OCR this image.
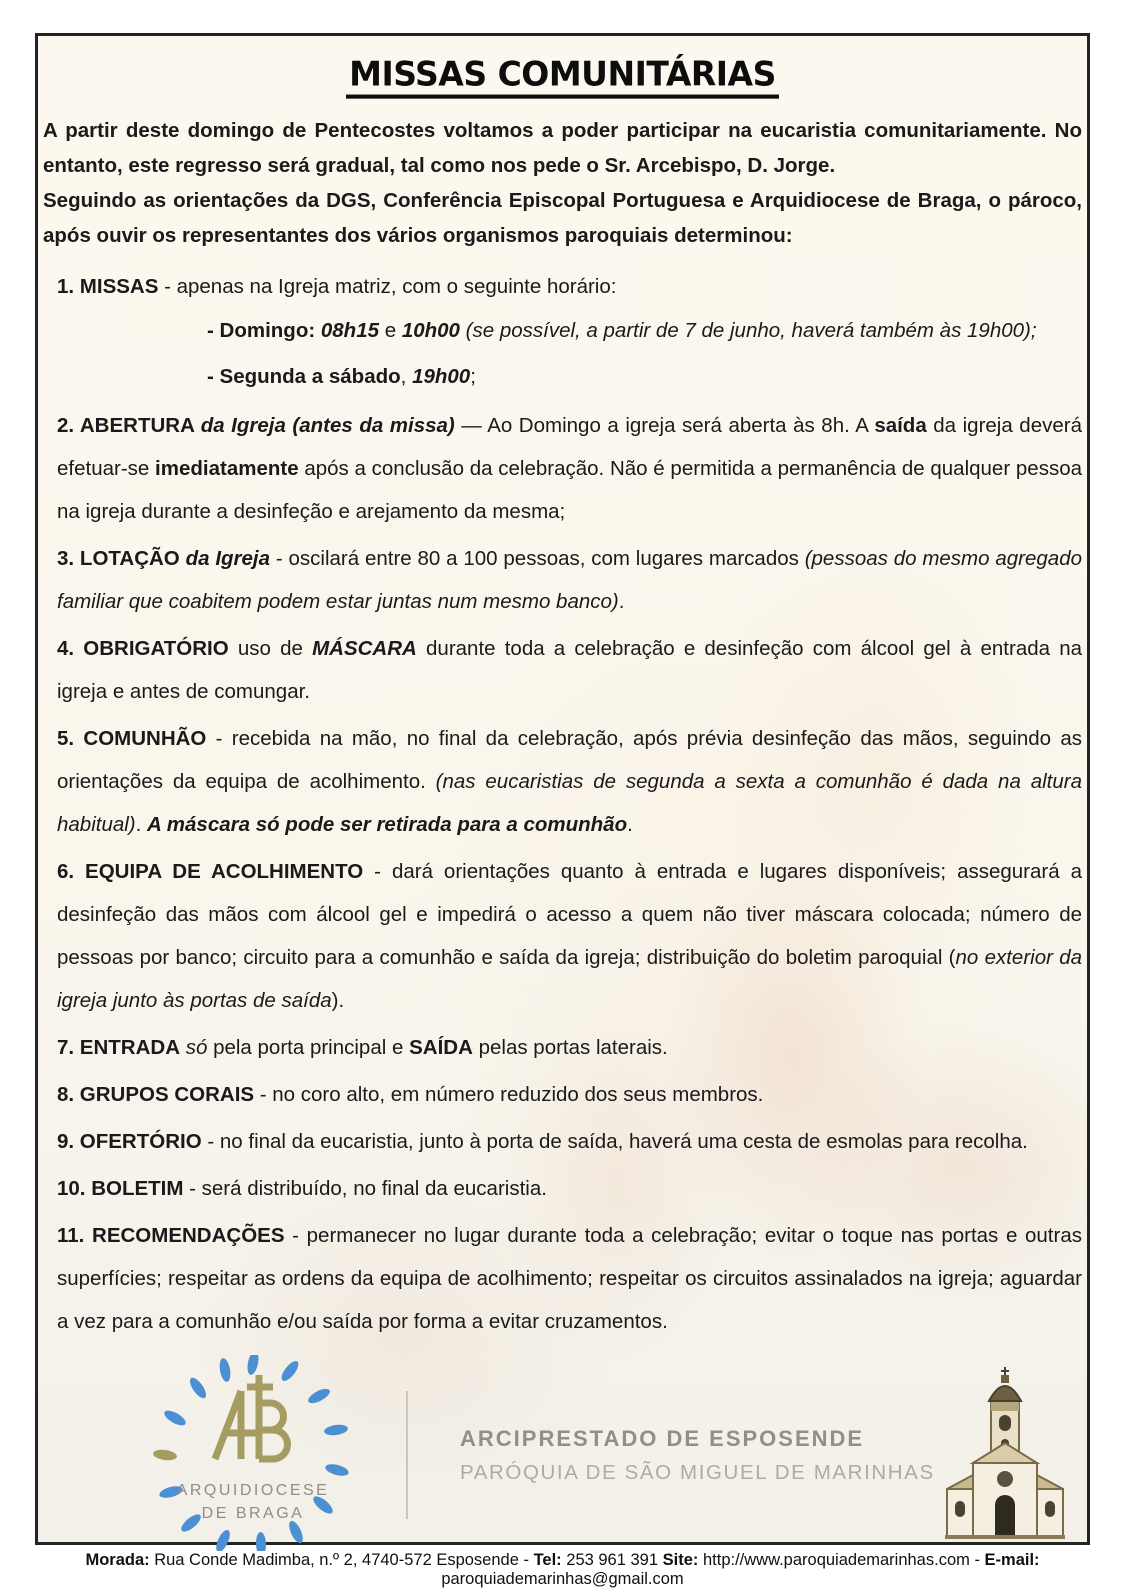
MISSAS COMUNITÁRIAS

A partir deste domingo de Pentecostes voltamos a poder participar na eucaristia comunitariamente. No entanto, este regresso será gradual, tal como nos pede o Sr. Arcebispo, D. Jorge.

Seguindo as orientações da DGS, Conferência Episcopal Portuguesa e Arquidiocese de Braga, o pároco, após ouvir os representantes dos vários organismos paroquiais determinou:

1. MISSAS - apenas na Igreja matriz, com o seguinte horário:

- Domingo: 08h15 e 10h00 (se possível, a partir de 7 de junho, haverá também às 19h00);

- Segunda a sábado, 19h00;

2. ABERTURA da Igreja (antes da missa) — Ao Domingo a igreja será aberta às 8h. A saída da igreja deverá efetuar-se imediatamente após a conclusão da celebração. Não é permitida a permanência de qualquer pessoa na igreja durante a desinfeção e arejamento da mesma;

3. LOTAÇÃO da Igreja - oscilará entre 80 a 100 pessoas, com lugares marcados (pessoas do mesmo agregado familiar que coabitem podem estar juntas num mesmo banco).

4. OBRIGATÓRIO uso de MÁSCARA durante toda a celebração e desinfeção com álcool gel à entrada na igreja e antes de comungar.

5. COMUNHÃO - recebida na mão, no final da celebração, após prévia desinfeção das mãos, seguindo as orientações da equipa de acolhimento. (nas eucaristias de segunda a sexta a comunhão é dada na altura habitual). A máscara só pode ser retirada para a comunhão.

6. EQUIPA DE ACOLHIMENTO - dará orientações quanto à entrada e lugares disponíveis; assegurará a desinfeção das mãos com álcool gel e impedirá o acesso a quem não tiver máscara colocada; número de pessoas por banco; circuito para a comunhão e saída da igreja; distribuição do boletim paroquial (no exterior da igreja junto às portas de saída).

7. ENTRADA só pela porta principal e SAÍDA pelas portas laterais.

8. GRUPOS CORAIS - no coro alto, em número reduzido dos seus membros.

9. OFERTÓRIO - no final da eucaristia, junto à porta de saída, haverá uma cesta de esmolas para recolha.

10. BOLETIM - será distribuído, no final da eucaristia.

11. RECOMENDAÇÕES - permanecer no lugar durante toda a celebração; evitar o toque nas portas e outras superfícies; respeitar as ordens da equipa de acolhimento; respeitar os circuitos assinalados na igreja; aguardar a vez para a comunhão e/ou saída por forma a evitar cruzamentos.

ARQUIDIOCESE
DE BRAGA
ARCIPRESTADO DE ESPOSENDE
PARÓQUIA DE SÃO MIGUEL DE MARINHAS
Morada: Rua Conde Madimba, n.º 2, 4740-572 Esposende - Tel: 253 961 391 Site: http://www.paroquiademarinhas.com - E-mail: paroquiademarinhas@gmail.com
